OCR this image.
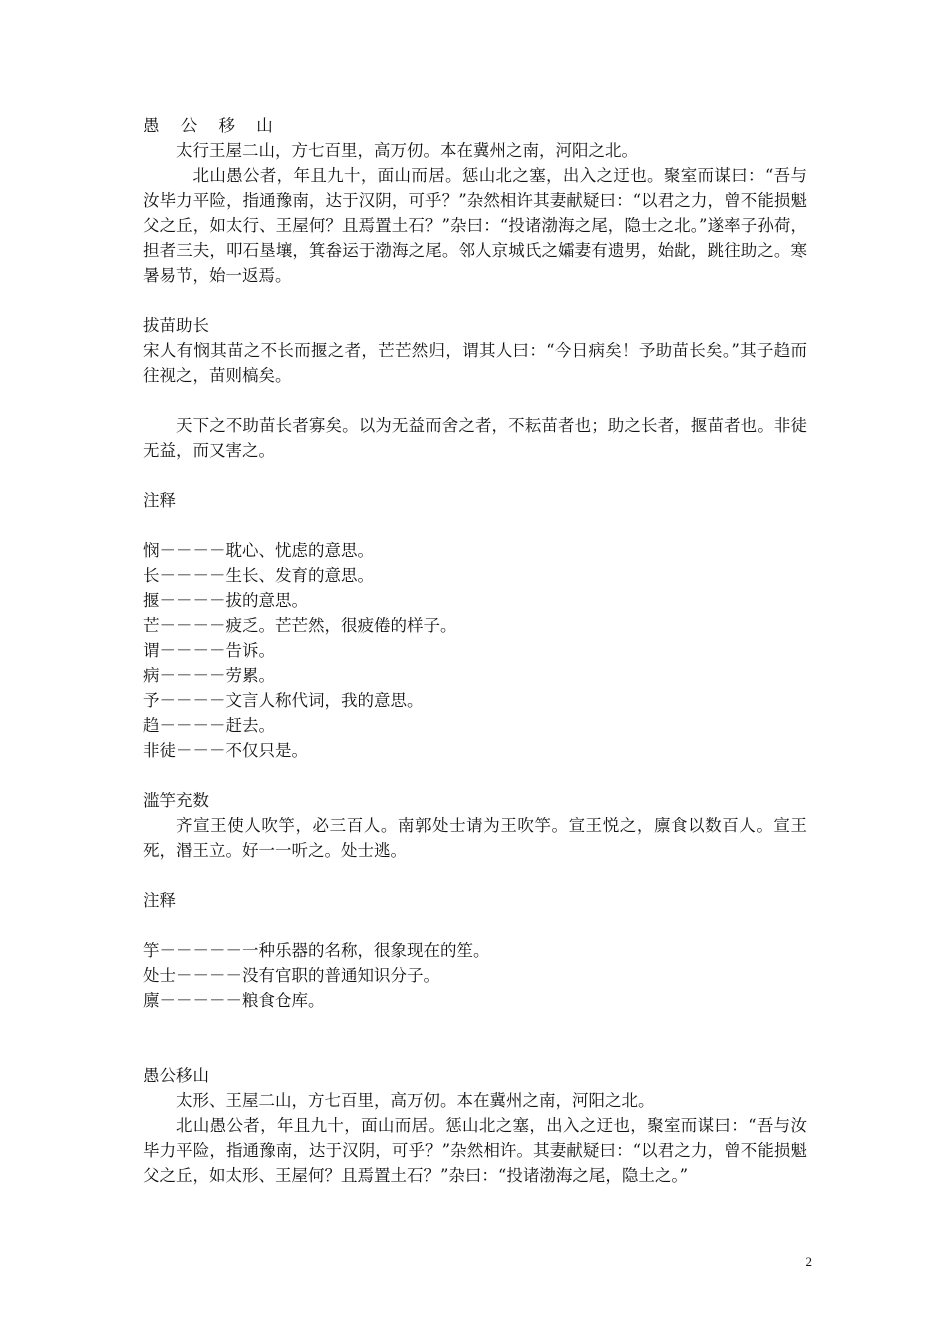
愚 公 移 山

太行王屋二山，方七百里，高万仞。本在冀州之南，河阳之北。

北山愚公者，年且九十，面山而居。惩山北之塞，出入之迂也。聚室而谋曰：“吾与汝毕力平险，指通豫南，达于汉阴，可乎？”杂然相许其妻献疑曰：“以君之力，曾不能损魁父之丘，如太行、王屋何？且焉置土石？”杂曰：“投诸渤海之尾，隐士之北。”遂率子孙荷，担者三夫，叩石垦壤，箕畚运于渤海之尾。邻人京城氏之孀妻有遗男，始龀，跳往助之。寒暑易节，始一返焉。

拔苗助长

宋人有悯其苗之不长而揠之者，芒芒然归，谓其人曰：“今日病矣！予助苗长矣。”其子趋而往视之，苗则槁矣。

天下之不助苗长者寡矣。以为无益而舍之者，不耘苗者也；助之长者，揠苗者也。非徒无益，而又害之。

注释

悯－－－－耽心、忧虑的意思。

长－－－－生长、发育的意思。

揠－－－－拔的意思。

芒－－－－疲乏。芒芒然，很疲倦的样子。

谓－－－－告诉。

病－－－－劳累。

予－－－－文言人称代词，我的意思。

趋－－－－赶去。

非徒－－－不仅只是。

滥竽充数

齐宣王使人吹竽，必三百人。南郭处士请为王吹竽。宣王悦之，廪食以数百人。宣王死，湣王立。好一一听之。处士逃。

注释

竽－－－－－一种乐器的名称，很象现在的笙。

处士－－－－没有官职的普通知识分子。

廪－－－－－粮食仓库。

愚公移山

太形、王屋二山，方七百里，高万仞。本在冀州之南，河阳之北。

北山愚公者，年且九十，面山而居。惩山北之塞，出入之迂也，聚室而谋曰：“吾与汝毕力平险，指通豫南，达于汉阴，可乎？”杂然相许。其妻献疑曰：“以君之力，曾不能损魁父之丘，如太形、王屋何？且焉置土石？”杂曰：“投诸渤海之尾，隐土之。”

2
